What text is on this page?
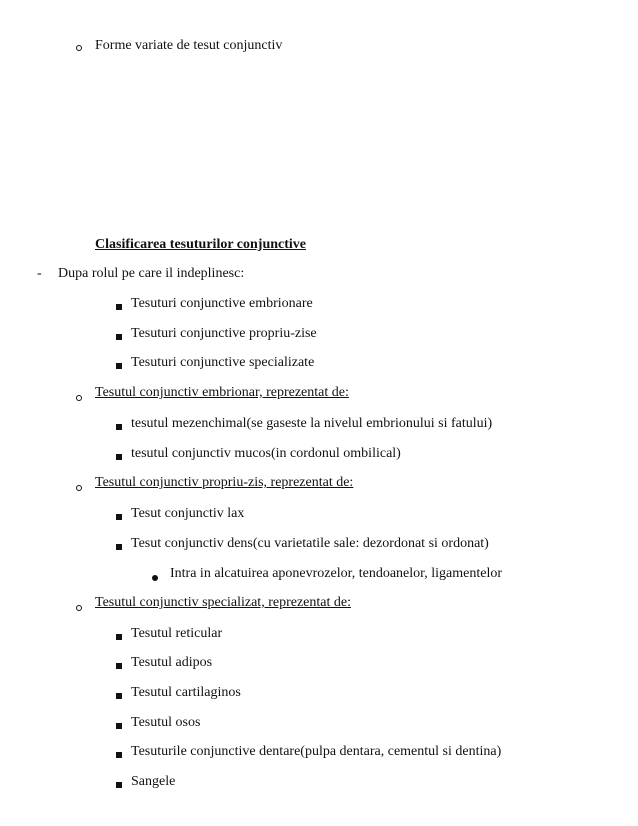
Forme variate de tesut conjunctiv
Clasificarea tesuturilor conjunctive
- Dupa rolul pe care il indeplinesc:
Tesuturi conjunctive embrionare
Tesuturi conjunctive propriu-zise
Tesuturi conjunctive specializate
Tesutul conjunctiv embrionar, reprezentat de:
tesutul mezenchimal(se gaseste la nivelul embrionului si fatului)
tesutul conjunctiv mucos(in cordonul ombilical)
Tesutul conjunctiv propriu-zis, reprezentat de:
Tesut conjunctiv lax
Tesut conjunctiv dens(cu varietatile sale: dezordonat si ordonat)
Intra in alcatuirea aponevrozelor, tendoanelor, ligamentelor
Tesutul conjunctiv specializat, reprezentat de:
Tesutul reticular
Tesutul adipos
Tesutul cartilaginos
Tesutul osos
Tesuturile conjunctive dentare(pulpa dentara, cementul si dentina)
Sangele
